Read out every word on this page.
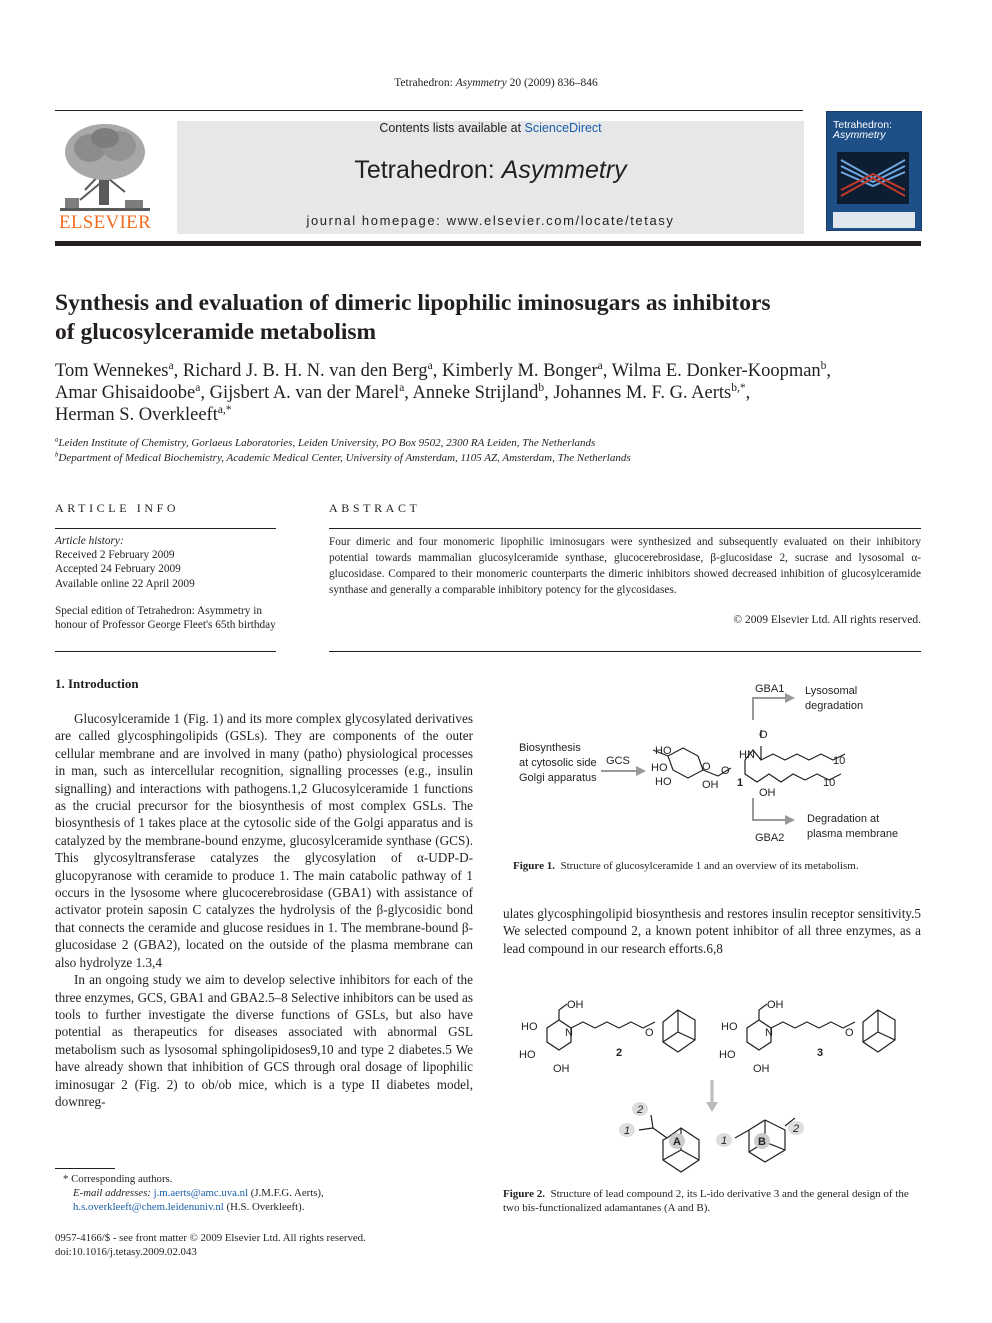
Tetrahedron: Asymmetry 20 (2009) 836–846
ELSEVIER
Contents lists available at ScienceDirect
Tetrahedron: Asymmetry
journal homepage: www.elsevier.com/locate/tetasy
Tetrahedron:
Asymmetry
Synthesis and evaluation of dimeric lipophilic iminosugars as inhibitors
of glucosylceramide metabolism
Tom Wennekes$^a$, Richard J. B. H. N. van den Berg$^a$, Kimberly M. Bonger$^a$, Wilma E. Donker-Koopman$^b$,
Amar Ghisaidoobe$^a$, Gijsbert A. van der Marel$^a$, Anneke Strijland$^b$, Johannes M. F. G. Aerts$^{b,*}$,
Herman S. Overkleeft$^{a,*}$
$^a$Leiden Institute of Chemistry, Gorlaeus Laboratories, Leiden University, PO Box 9502, 2300 RA Leiden, The Netherlands
$^b$Department of Medical Biochemistry, Academic Medical Center, University of Amsterdam, 1105 AZ, Amsterdam, The Netherlands
ARTICLE INFO
Article history:
Received 2 February 2009
Accepted 24 February 2009
Available online 22 April 2009
Special edition of Tetrahedron: Asymmetry in honour of Professor George Fleet's 65th birthday
ABSTRACT
Four dimeric and four monomeric lipophilic iminosugars were synthesized and subsequently evaluated on their inhibitory potential towards mammalian glucosylceramide synthase, glucocerebrosidase, β-glucosidase 2, sucrase and lysosomal α-glucosidase. Compared to their monomeric counterparts the dimeric inhibitors showed decreased inhibition of glucosylceramide synthase and generally a comparable inhibitory potency for the glycosidases.
© 2009 Elsevier Ltd. All rights reserved.
1. Introduction

Glucosylceramide 1 (Fig. 1) and its more complex glycosylated derivatives are called glycosphingolipids (GSLs). They are components of the outer cellular membrane and are involved in many (patho) physiological processes in man, such as intercellular recognition, signalling processes (e.g., insulin signalling) and interactions with pathogens.1,2 Glucosylceramide 1 functions as the crucial precursor for the biosynthesis of most complex GSLs. The biosynthesis of 1 takes place at the cytosolic side of the Golgi apparatus and is catalyzed by the membrane-bound enzyme, glucosylceramide synthase (GCS). This glycosyltransferase catalyzes the glycosylation of α-UDP-D-glucopyranose with ceramide to produce 1. The main catabolic pathway of 1 occurs in the lysosome where glucocerebrosidase (GBA1) with assistance of activator protein saposin C catalyzes the hydrolysis of the β-glycosidic bond that connects the ceramide and glucose residues in 1. The membrane-bound β-glucosidase 2 (GBA2), located on the outside of the plasma membrane can also hydrolyze 1.3,4

In an ongoing study we aim to develop selective inhibitors for each of the three enzymes, GCS, GBA1 and GBA2.5–8 Selective inhibitors can be used as tools to further investigate the diverse functions of GSLs, but also have potential as therapeutics for diseases associated with abnormal GSL metabolism such as lysosomal sphingolipidoses9,10 and type 2 diabetes.5 We have already shown that inhibition of GCS through oral dosage of lipophilic iminosugar 2 (Fig. 2) to ob/ob mice, which is a type II diabetes model, downreg-

ulates glycosphingolipid biosynthesis and restores insulin receptor sensitivity.5 We selected compound 2, a known potent inhibitor of all three enzymes, as a lead compound in our research efforts.6,8

GBA1 Lysosomal
degradation
Biosynthesis
at cytosolic side
Golgi apparatus
GCS
HO
HO
HO	OH
O O
1
HN
O
OH
10
10
GBA2
Degradation at
plasma membrane
Figure 1. Structure of glucosylceramide 1 and an overview of its metabolism.
OH
HO
HO
OH
N	O
2
OH
HO
HO
OH
N	O
3
2
1
A	1
2
B
Figure 2. Structure of lead compound 2, its L-ido derivative 3 and the general design of the two bis-functionalized adamantanes (A and B).
* Corresponding authors.
E-mail addresses: j.m.aerts@amc.uva.nl (J.M.F.G. Aerts), h.s.overkleeft@chem.leidenuniv.nl (H.S. Overkleeft).
0957-4166/$ - see front matter © 2009 Elsevier Ltd. All rights reserved.
doi:10.1016/j.tetasy.2009.02.043
